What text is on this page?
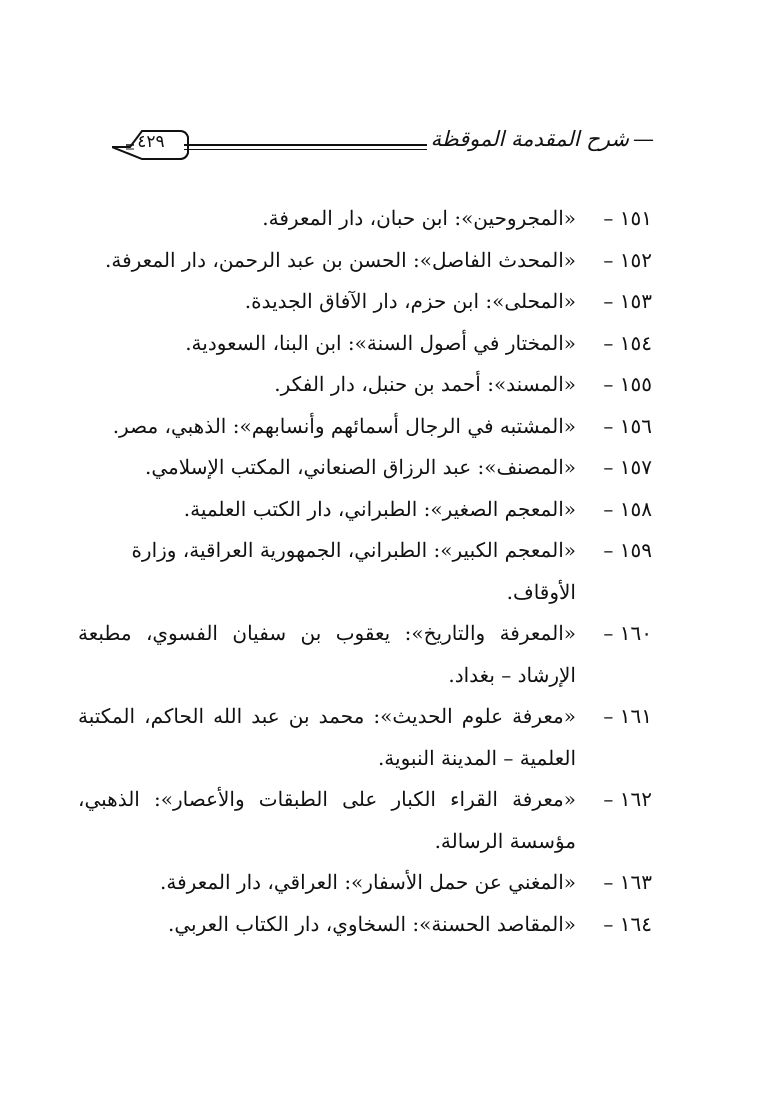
—شرح المقدمة الموقظة
٤٢٩
١٥١ –
«المجروحين»: ابن حبان، دار المعرفة.
١٥٢ –
«المحدث الفاصل»: الحسن بن عبد الرحمن، دار المعرفة.
١٥٣ –
«المحلى»: ابن حزم، دار الآفاق الجديدة.
١٥٤ –
«المختار في أصول السنة»: ابن البنا، السعودية.
١٥٥ –
«المسند»: أحمد بن حنبل، دار الفكر.
١٥٦ –
«المشتبه في الرجال أسمائهم وأنسابهم»: الذهبي، مصر.
١٥٧ –
«المصنف»: عبد الرزاق الصنعاني، المكتب الإسلامي.
١٥٨ –
«المعجم الصغير»: الطبراني، دار الكتب العلمية.
١٥٩ –
«المعجم الكبير»: الطبراني، الجمهورية العراقية، وزارة الأوقاف.
١٦٠ –
«المعرفة والتاريخ»: يعقوب بن سفيان الفسوي، مطبعة الإرشاد – بغداد.
١٦١ –
«معرفة علوم الحديث»: محمد بن عبد الله الحاكم، المكتبة العلمية – المدينة النبوية.
١٦٢ –
«معرفة القراء الكبار على الطبقات والأعصار»: الذهبي، مؤسسة الرسالة.
١٦٣ –
«المغني عن حمل الأسفار»: العراقي، دار المعرفة.
١٦٤ –
«المقاصد الحسنة»: السخاوي، دار الكتاب العربي.
